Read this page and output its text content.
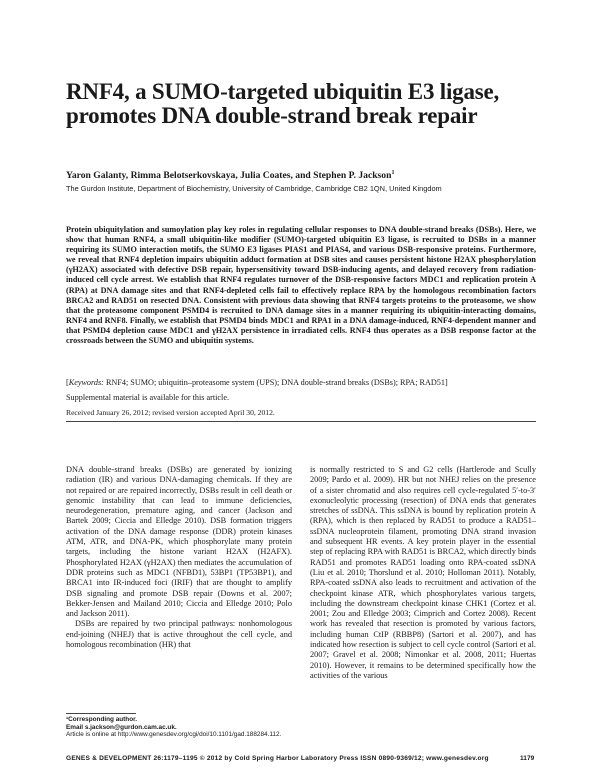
RNF4, a SUMO-targeted ubiquitin E3 ligase, promotes DNA double-strand break repair
Yaron Galanty, Rimma Belotserkovskaya, Julia Coates, and Stephen P. Jackson$^1$
The Gurdon Institute, Department of Biochemistry, University of Cambridge, Cambridge CB2 1QN, United Kingdom
Protein ubiquitylation and sumoylation play key roles in regulating cellular responses to DNA double-strand breaks (DSBs). Here, we show that human RNF4, a small ubiquitin-like modifier (SUMO)-targeted ubiquitin E3 ligase, is recruited to DSBs in a manner requiring its SUMO interaction motifs, the SUMO E3 ligases PIAS1 and PIAS4, and various DSB-responsive proteins. Furthermore, we reveal that RNF4 depletion impairs ubiquitin adduct formation at DSB sites and causes persistent histone H2AX phosphorylation (γH2AX) associated with defective DSB repair, hypersensitivity toward DSB-inducing agents, and delayed recovery from radiation-induced cell cycle arrest. We establish that RNF4 regulates turnover of the DSB-responsive factors MDC1 and replication protein A (RPA) at DNA damage sites and that RNF4-depleted cells fail to effectively replace RPA by the homologous recombination factors BRCA2 and RAD51 on resected DNA. Consistent with previous data showing that RNF4 targets proteins to the proteasome, we show that the proteasome component PSMD4 is recruited to DNA damage sites in a manner requiring its ubiquitin-interacting domains, RNF4 and RNF8. Finally, we establish that PSMD4 binds MDC1 and RPA1 in a DNA damage-induced, RNF4-dependent manner and that PSMD4 depletion cause MDC1 and γH2AX persistence in irradiated cells. RNF4 thus operates as a DSB response factor at the crossroads between the SUMO and ubiquitin systems.
[Keywords: RNF4; SUMO; ubiquitin–proteasome system (UPS); DNA double-strand breaks (DSBs); RPA; RAD51]
Supplemental material is available for this article.
Received January 26, 2012; revised version accepted April 30, 2012.

DNA double-strand breaks (DSBs) are generated by ionizing radiation (IR) and various DNA-damaging chemicals. If they are not repaired or are repaired incorrectly, DSBs result in cell death or genomic instability that can lead to immune deficiencies, neurodegeneration, premature aging, and cancer (Jackson and Bartek 2009; Ciccia and Elledge 2010). DSB formation triggers activation of the DNA damage response (DDR) protein kinases ATM, ATR, and DNA-PK, which phosphorylate many protein targets, including the histone variant H2AX (H2AFX). Phosphorylated H2AX (γH2AX) then mediates the accumulation of DDR proteins such as MDC1 (NFBD1), 53BP1 (TP53BP1), and BRCA1 into IR-induced foci (IRIF) that are thought to amplify DSB signaling and promote DSB repair (Downs et al. 2007; Bekker-Jensen and Mailand 2010; Ciccia and Elledge 2010; Polo and Jackson 2011).

DSBs are repaired by two principal pathways: nonhomologous end-joining (NHEJ) that is active throughout the cell cycle, and homologous recombination (HR) that

is normally restricted to S and G2 cells (Hartlerode and Scully 2009; Pardo et al. 2009). HR but not NHEJ relies on the presence of a sister chromatid and also requires cell cycle-regulated 5′-to-3′ exonucleolytic processing (resection) of DNA ends that generates stretches of ssDNA. This ssDNA is bound by replication protein A (RPA), which is then replaced by RAD51 to produce a RAD51–ssDNA nucleoprotein filament, promoting DNA strand invasion and subsequent HR events. A key protein player in the essential step of replacing RPA with RAD51 is BRCA2, which directly binds RAD51 and promotes RAD51 loading onto RPA-coated ssDNA (Liu et al. 2010; Thorslund et al. 2010; Holloman 2011). Notably, RPA-coated ssDNA also leads to recruitment and activation of the checkpoint kinase ATR, which phosphorylates various targets, including the downstream checkpoint kinase CHK1 (Cortez et al. 2001; Zou and Elledge 2003; Cimprich and Cortez 2008). Recent work has revealed that resection is promoted by various factors, including human CtIP (RBBP8) (Sartori et al. 2007), and has indicated how resection is subject to cell cycle control (Sartori et al. 2007; Gravel et al. 2008; Nimonkar et al. 2008, 2011; Huertas 2010). However, it remains to be determined specifically how the activities of the various

¹Corresponding author.
Email s.jackson@gurdon.cam.ac.uk.
Article is online at http://www.genesdev.org/cgi/doi/10.1101/gad.188284.112.
GENES & DEVELOPMENT 26:1179–1195 © 2012 by Cold Spring Harbor Laboratory Press ISSN 0890-9369/12; www.genesdev.org	1179
